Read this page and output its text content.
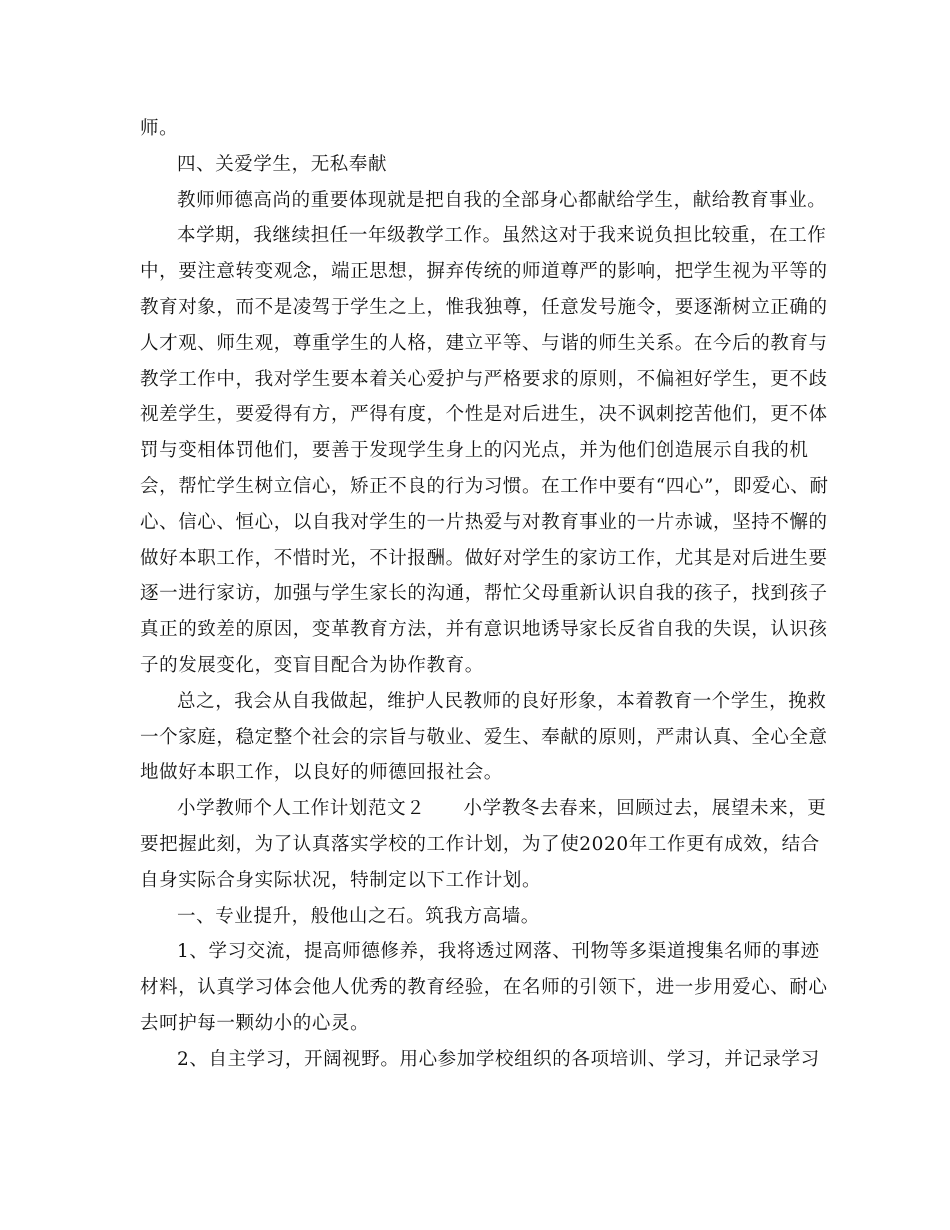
师。
四、关爱学生，无私奉献
教师师德高尚的重要体现就是把自我的全部身心都献给学生，献给教育事业。
本学期，我继续担任一年级教学工作。虽然这对于我来说负担比较重，在工作
中，要注意转变观念，端正思想，摒弃传统的师道尊严的影响，把学生视为平等的
教育对象，而不是凌驾于学生之上，惟我独尊，任意发号施令，要逐渐树立正确的
人才观、师生观，尊重学生的人格，建立平等、与谐的师生关系。在今后的教育与
教学工作中，我对学生要本着关心爱护与严格要求的原则，不偏袒好学生，更不歧
视差学生，要爱得有方，严得有度，个性是对后进生，决不讽刺挖苦他们，更不体
罚与变相体罚他们，要善于发现学生身上的闪光点，并为他们创造展示自我的机
会，帮忙学生树立信心，矫正不良的行为习惯。在工作中要有“四心”，即爱心、耐
心、信心、恒心，以自我对学生的一片热爱与对教育事业的一片赤诚，坚持不懈的
做好本职工作，不惜时光，不计报酬。做好对学生的家访工作，尤其是对后进生要
逐一进行家访，加强与学生家长的沟通，帮忙父母重新认识自我的孩子，找到孩子
真正的致差的原因，变革教育方法，并有意识地诱导家长反省自我的失误，认识孩
子的发展变化，变盲目配合为协作教育。
总之，我会从自我做起，维护人民教师的良好形象，本着教育一个学生，挽救
一个家庭，稳定整个社会的宗旨与敬业、爱生、奉献的原则，严肃认真、全心全意
地做好本职工作，以良好的师德回报社会。
小学教师个人工作计划范文２　　小学教冬去春来，回顾过去，展望未来，更
要把握此刻，为了认真落实学校的工作计划，为了使2020年工作更有成效，结合
自身实际合身实际状况，特制定以下工作计划。
一、专业提升，般他山之石。筑我方高墙。
1、学习交流，提高师德修养，我将透过网落、刊物等多渠道搜集名师的事迹
材料，认真学习体会他人优秀的教育经验，在名师的引领下，进一步用爱心、耐心
去呵护每一颗幼小的心灵。
2、自主学习，开阔视野。用心参加学校组织的各项培训、学习，并记录学习
